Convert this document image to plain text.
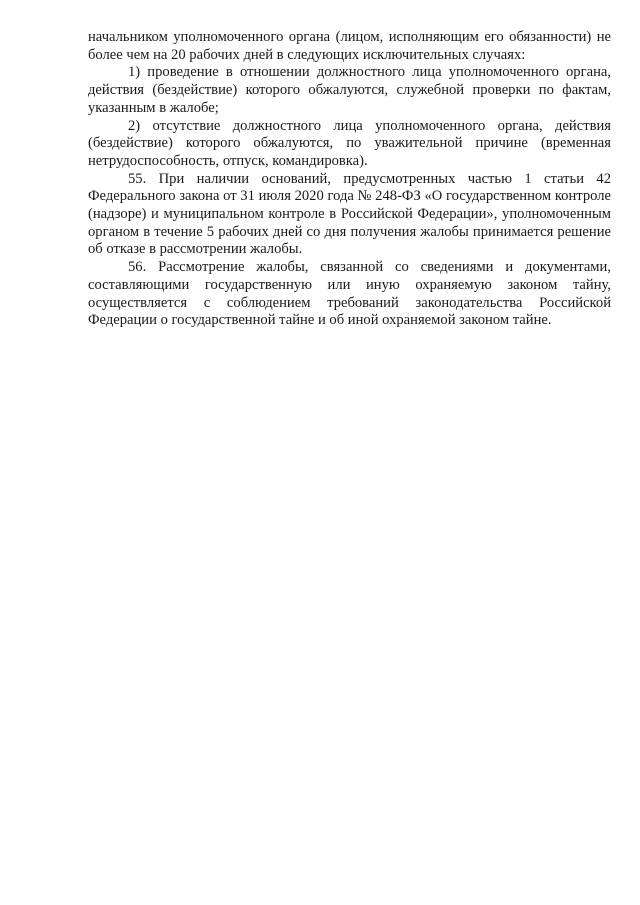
начальником уполномоченного органа (лицом, исполняющим его обязанности) не более чем на 20 рабочих дней в следующих исключительных случаях:

1) проведение в отношении должностного лица уполномоченного органа, действия (бездействие) которого обжалуются, служебной проверки по фактам, указанным в жалобе;

2) отсутствие должностного лица уполномоченного органа, действия (бездействие) которого обжалуются, по уважительной причине (временная нетрудоспособность, отпуск, командировка).

55. При наличии оснований, предусмотренных частью 1 статьи 42 Федерального закона от 31 июля 2020 года № 248-ФЗ «О государственном контроле (надзоре) и муниципальном контроле в Российской Федерации», уполномоченным органом в течение 5 рабочих дней со дня получения жалобы принимается решение об отказе в рассмотрении жалобы.

56. Рассмотрение жалобы, связанной со сведениями и документами, составляющими государственную или иную охраняемую законом тайну, осуществляется с соблюдением требований законодательства Российской Федерации о государственной тайне и об иной охраняемой законом тайне.
